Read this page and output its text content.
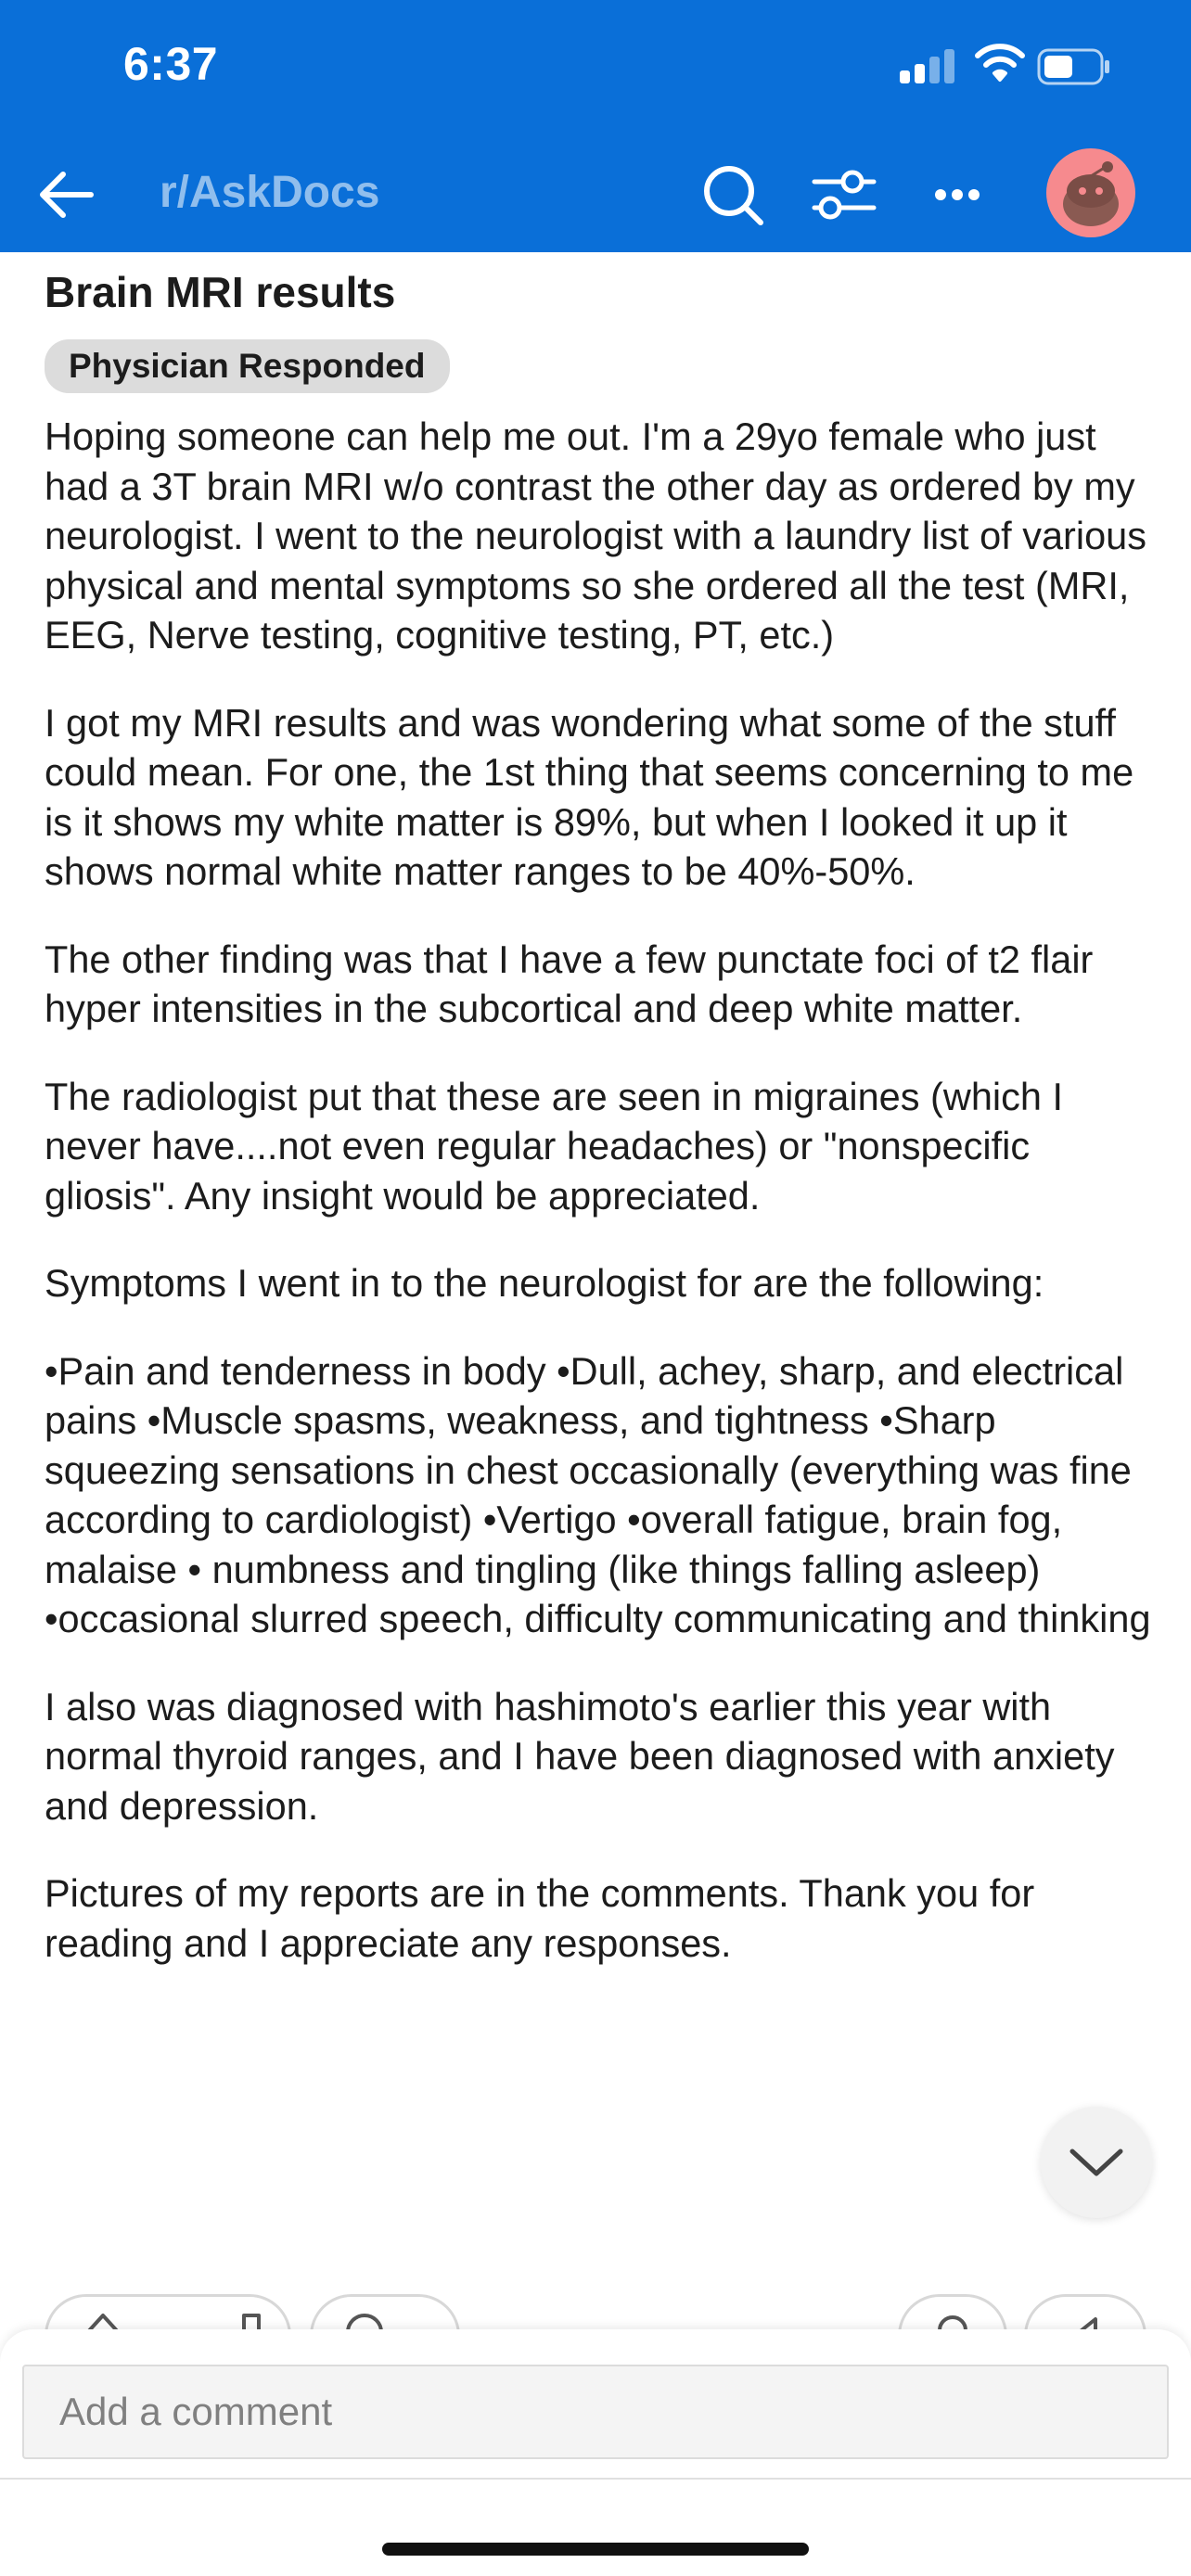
6:37
r/AskDocs
Brain MRI results
Physician Responded

Hoping someone can help me out. I'm a 29yo female who just had a 3T brain MRI w/o contrast the other day as ordered by my neurologist. I went to the neurologist with a laundry list of various physical and mental symptoms so she ordered all the test (MRI, EEG, Nerve testing, cognitive testing, PT, etc.)

I got my MRI results and was wondering what some of the stuff could mean. For one, the 1st thing that seems concerning to me is it shows my white matter is 89%, but when I looked it up it shows normal white matter ranges to be 40%-50%.

The other finding was that I have a few punctate foci of t2 flair hyper intensities in the subcortical and deep white matter.

The radiologist put that these are seen in migraines (which I never have....not even regular headaches) or "nonspecific gliosis". Any insight would be appreciated.

Symptoms I went in to the neurologist for are the following:

•Pain and tenderness in body •Dull, achey, sharp, and electrical pains •Muscle spasms, weakness, and tightness •Sharp squeezing sensations in chest occasionally (everything was fine according to cardiologist) •Vertigo •overall fatigue, brain fog, malaise • numbness and tingling (like things falling asleep) •occasional slurred speech, difficulty communicating and thinking

I also was diagnosed with hashimoto's earlier this year with normal thyroid ranges, and I have been diagnosed with anxiety and depression.

Pictures of my reports are in the comments. Thank you for reading and I appreciate any responses.

Add a comment
